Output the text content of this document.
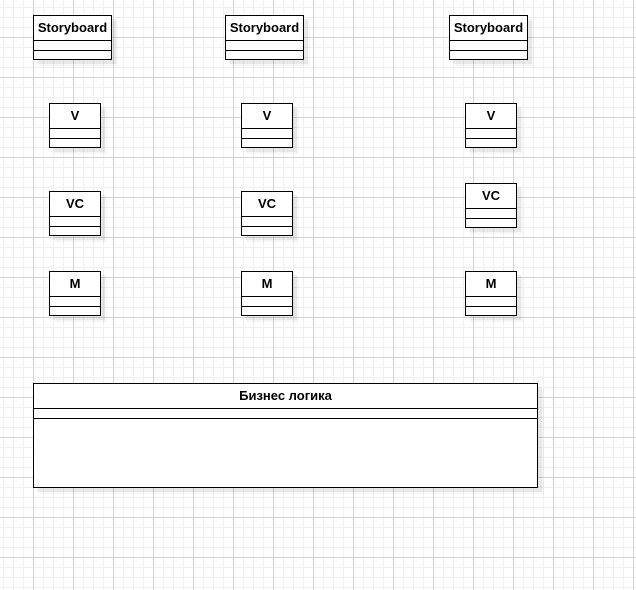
Storyboard
V
VC
M
Storyboard
V
VC
M
Storyboard
V
VC
M
Бизнес логика
